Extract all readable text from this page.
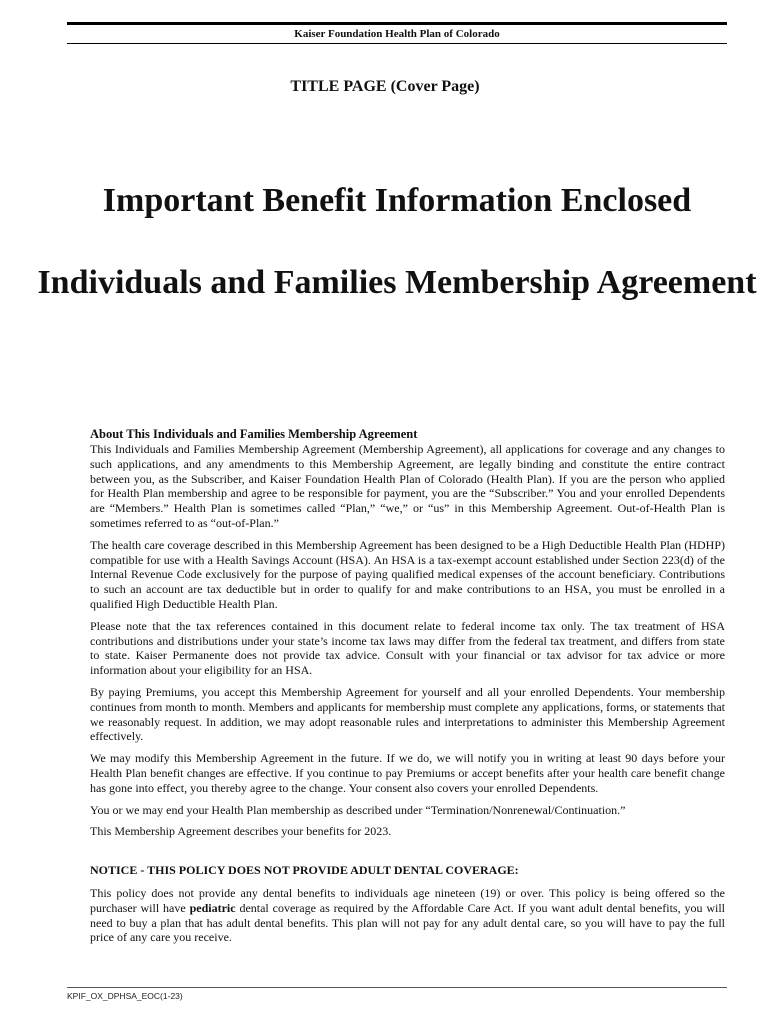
Kaiser Foundation Health Plan of Colorado
TITLE PAGE (Cover Page)
Important Benefit Information Enclosed
Individuals and Families Membership Agreement
About This Individuals and Families Membership Agreement

This Individuals and Families Membership Agreement (Membership Agreement), all applications for coverage and any changes to such applications, and any amendments to this Membership Agreement, are legally binding and constitute the entire contract between you, as the Subscriber, and Kaiser Foundation Health Plan of Colorado (Health Plan). If you are the person who applied for Health Plan membership and agree to be responsible for payment, you are the “Subscriber.” You and your enrolled Dependents are “Members.” Health Plan is sometimes called “Plan,” “we,” or “us” in this Membership Agreement. Out-of-Health Plan is sometimes referred to as “out-of-Plan.”

The health care coverage described in this Membership Agreement has been designed to be a High Deductible Health Plan (HDHP) compatible for use with a Health Savings Account (HSA). An HSA is a tax-exempt account established under Section 223(d) of the Internal Revenue Code exclusively for the purpose of paying qualified medical expenses of the account beneficiary. Contributions to such an account are tax deductible but in order to qualify for and make contributions to an HSA, you must be enrolled in a qualified High Deductible Health Plan.

Please note that the tax references contained in this document relate to federal income tax only. The tax treatment of HSA contributions and distributions under your state’s income tax laws may differ from the federal tax treatment, and differs from state to state. Kaiser Permanente does not provide tax advice. Consult with your financial or tax advisor for tax advice or more information about your eligibility for an HSA.

By paying Premiums, you accept this Membership Agreement for yourself and all your enrolled Dependents. Your membership continues from month to month. Members and applicants for membership must complete any applications, forms, or statements that we reasonably request. In addition, we may adopt reasonable rules and interpretations to administer this Membership Agreement effectively.

We may modify this Membership Agreement in the future. If we do, we will notify you in writing at least 90 days before your Health Plan benefit changes are effective. If you continue to pay Premiums or accept benefits after your health care benefit change has gone into effect, you thereby agree to the change. Your consent also covers your enrolled Dependents.

You or we may end your Health Plan membership as described under “Termination/Nonrenewal/Continuation.”

This Membership Agreement describes your benefits for 2023.

NOTICE - THIS POLICY DOES NOT PROVIDE ADULT DENTAL COVERAGE:

This policy does not provide any dental benefits to individuals age nineteen (19) or over. This policy is being offered so the purchaser will have pediatric dental coverage as required by the Affordable Care Act. If you want adult dental benefits, you will need to buy a plan that has adult dental benefits. This plan will not pay for any adult dental care, so you will have to pay the full price of any care you receive.

KPIF_OX_DPHSA_EOC(1-23)
